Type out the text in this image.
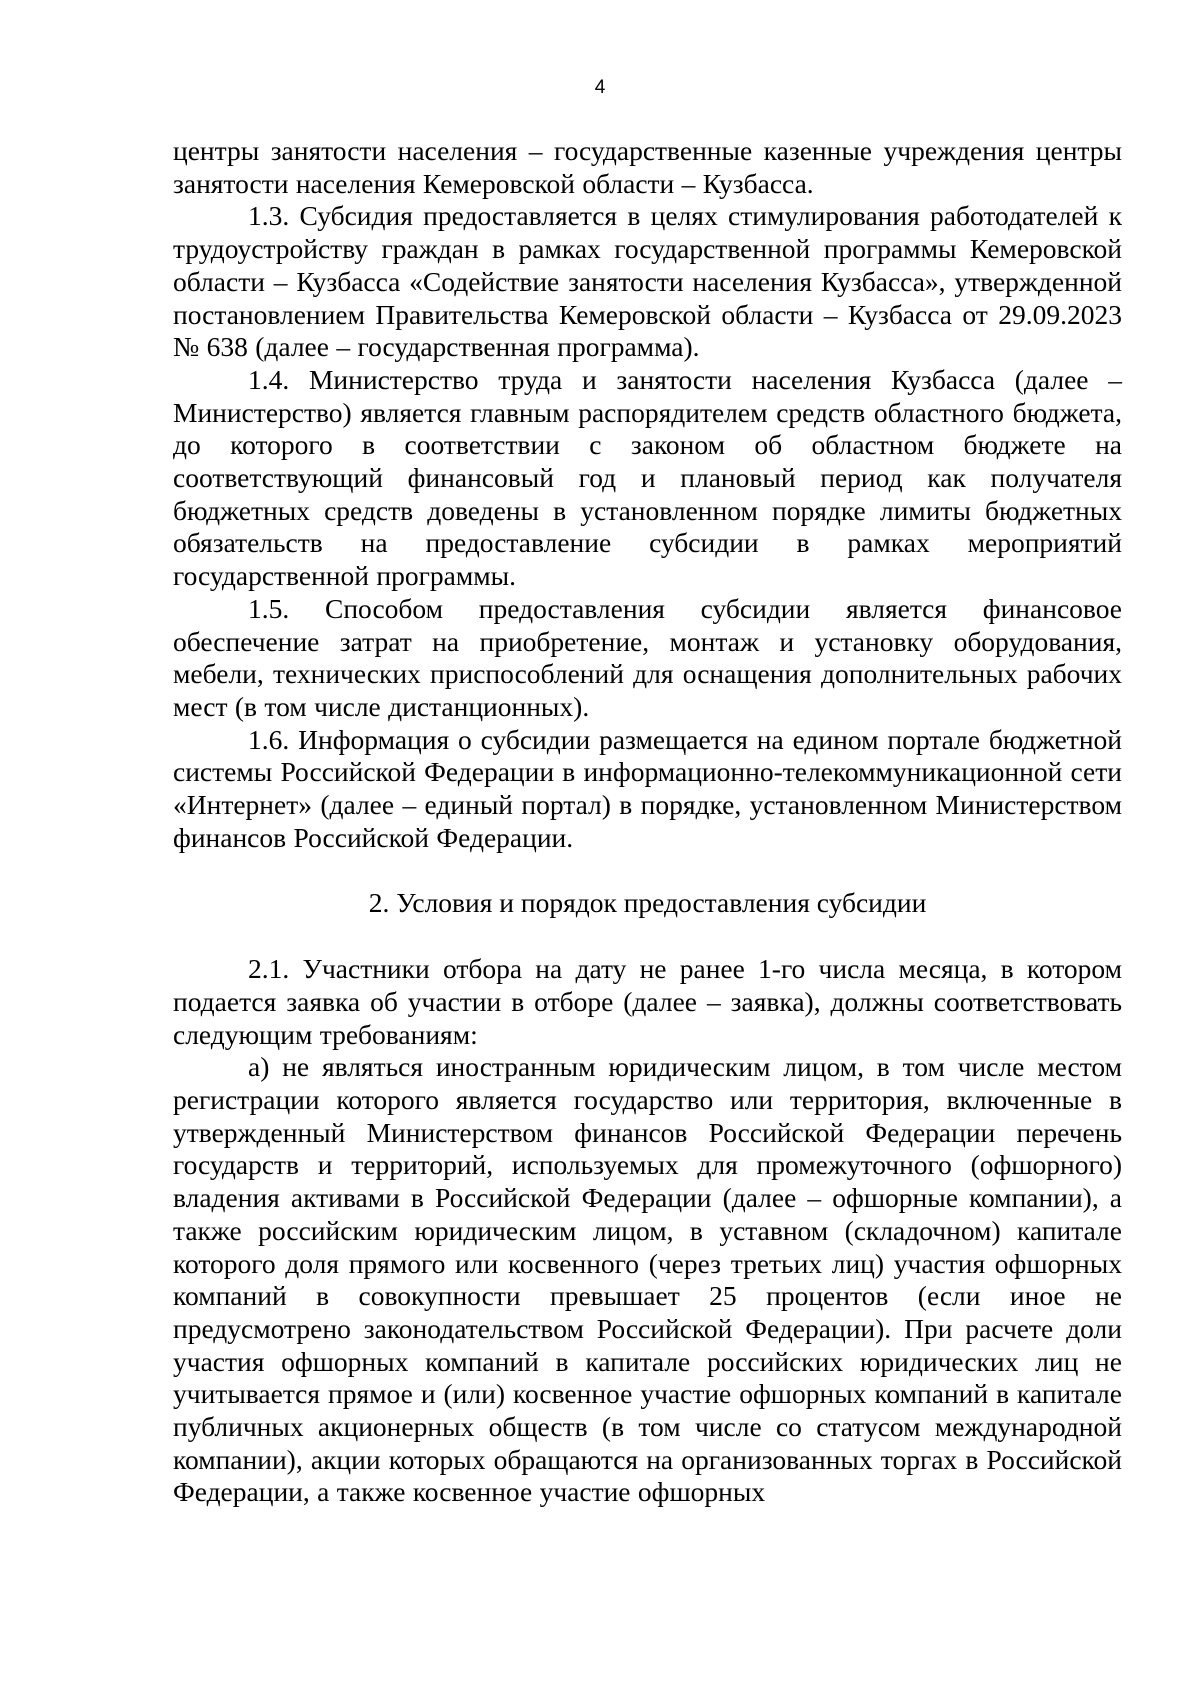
4

центры занятости населения – государственные казенные учреждения центры занятости населения Кемеровской области – Кузбасса.

1.3. Субсидия предоставляется в целях стимулирования работодателей к трудоустройству граждан в рамках государственной программы Кемеровской области – Кузбасса «Содействие занятости населения Кузбасса», утвержденной постановлением Правительства Кемеровской области – Кузбасса от 29.09.2023 № 638 (далее – государственная программа).

1.4. Министерство труда и занятости населения Кузбасса (далее – Министерство) является главным распорядителем средств областного бюджета, до которого в соответствии с законом об областном бюджете на соответствующий финансовый год и плановый период как получателя бюджетных средств доведены в установленном порядке лимиты бюджетных обязательств на предоставление субсидии в рамках мероприятий государственной программы.

1.5. Способом предоставления субсидии является финансовое обеспечение затрат на приобретение, монтаж и установку оборудования, мебели, технических приспособлений для оснащения дополнительных рабочих мест (в том числе дистанционных).

1.6. Информация о субсидии размещается на едином портале бюджетной системы Российской Федерации в информационно-телекоммуникационной сети «Интернет» (далее – единый портал) в порядке, установленном Министерством финансов Российской Федерации.

2. Условия и порядок предоставления субсидии

2.1. Участники отбора на дату не ранее 1-го числа месяца, в котором подается заявка об участии в отборе (далее – заявка), должны соответствовать следующим требованиям:

а) не являться иностранным юридическим лицом, в том числе местом регистрации которого является государство или территория, включенные в утвержденный Министерством финансов Российской Федерации перечень государств и территорий, используемых для промежуточного (офшорного) владения активами в Российской Федерации (далее – офшорные компании), а также российским юридическим лицом, в уставном (складочном) капитале которого доля прямого или косвенного (через третьих лиц) участия офшорных компаний в совокупности превышает 25 процентов (если иное не предусмотрено законодательством Российской Федерации). При расчете доли участия офшорных компаний в капитале российских юридических лиц не учитывается прямое и (или) косвенное участие офшорных компаний в капитале публичных акционерных обществ (в том числе со статусом международной компании), акции которых обращаются на организованных торгах в Российской Федерации, а также косвенное участие офшорных
